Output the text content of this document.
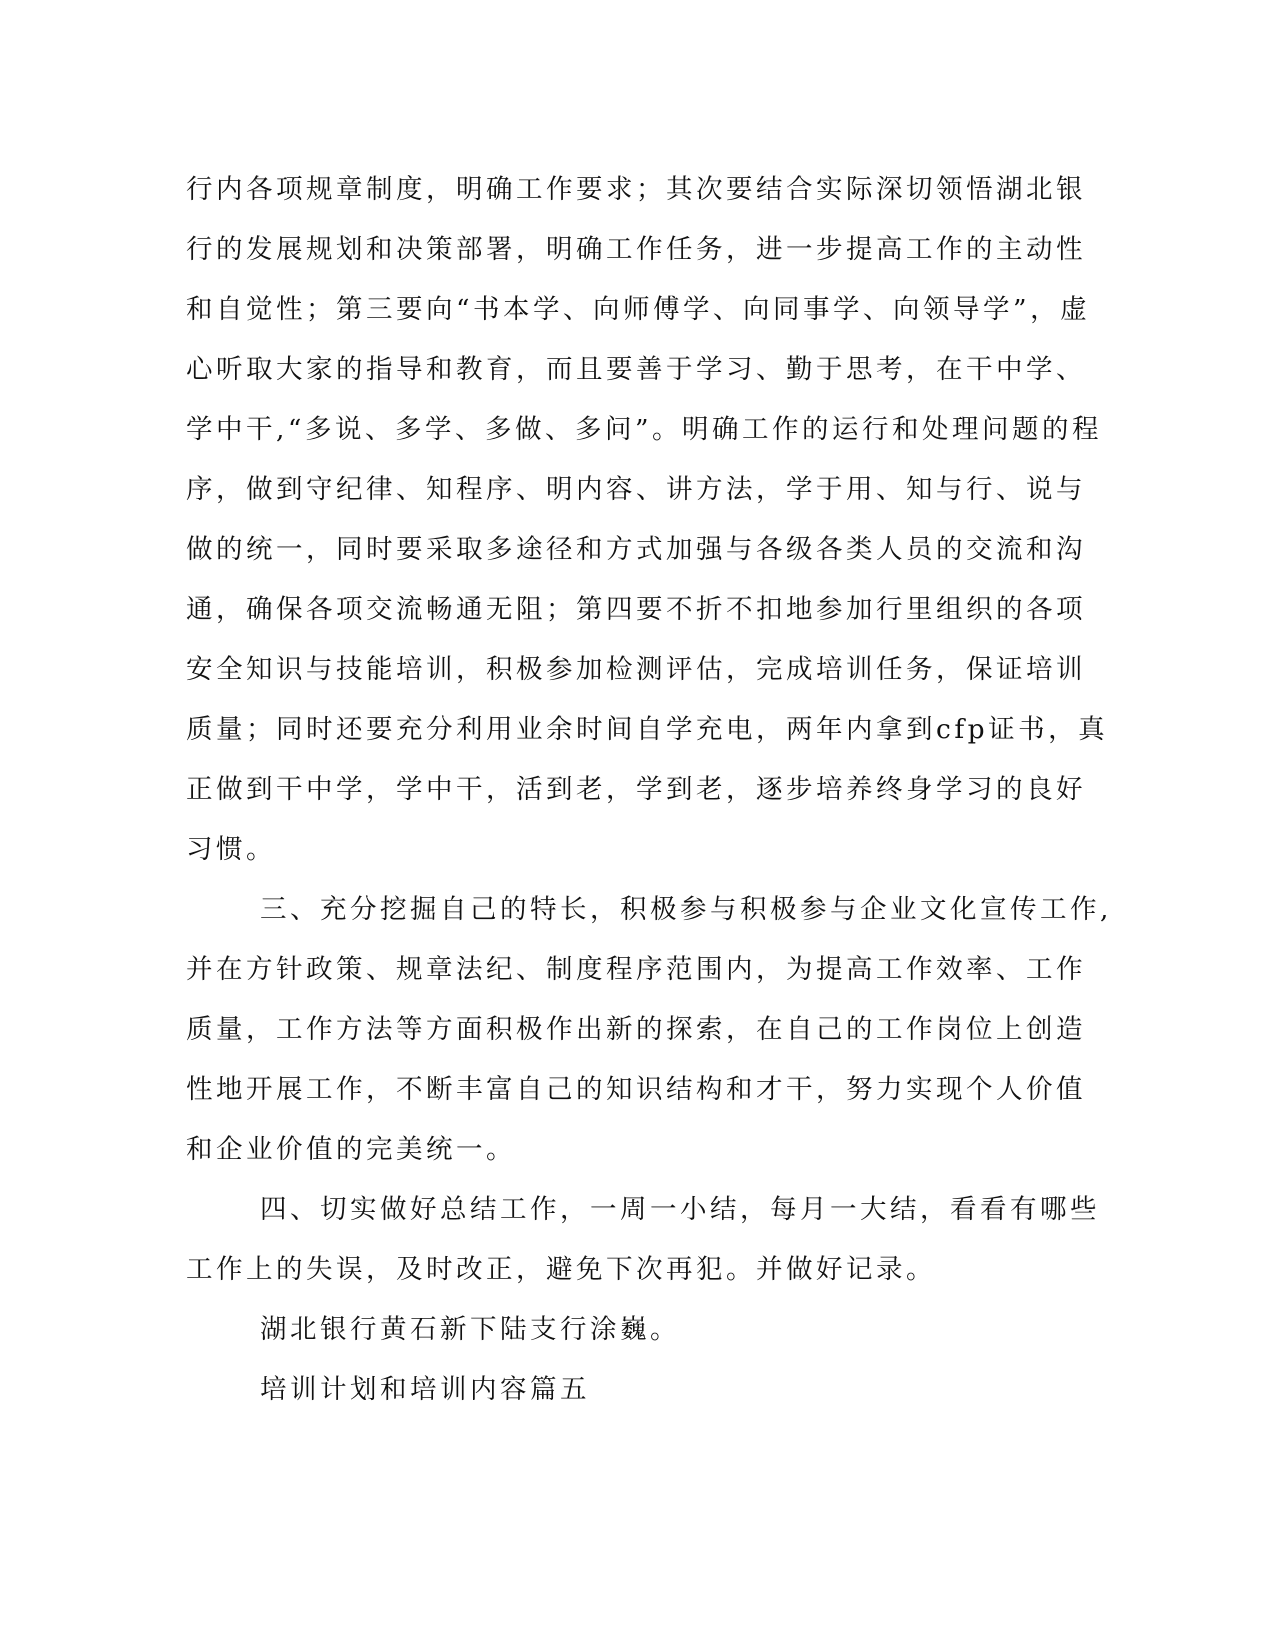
行内各项规章制度，明确工作要求；其次要结合实际深切领悟湖北银
行的发展规划和决策部署，明确工作任务，进一步提高工作的主动性
和自觉性；第三要向“书本学、向师傅学、向同事学、向领导学”，虚
心听取大家的指导和教育，而且要善于学习、勤于思考，在干中学、
学中干,“多说、多学、多做、多问”。明确工作的运行和处理问题的程
序，做到守纪律、知程序、明内容、讲方法，学于用、知与行、说与
做的统一，同时要采取多途径和方式加强与各级各类人员的交流和沟
通，确保各项交流畅通无阻；第四要不折不扣地参加行里组织的各项
安全知识与技能培训，积极参加检测评估，完成培训任务，保证培训
质量；同时还要充分利用业余时间自学充电，两年内拿到cfp证书，真
正做到干中学，学中干，活到老，学到老，逐步培养终身学习的良好
习惯。
三、充分挖掘自己的特长，积极参与积极参与企业文化宣传工作,
并在方针政策、规章法纪、制度程序范围内，为提高工作效率、工作
质量，工作方法等方面积极作出新的探索，在自己的工作岗位上创造
性地开展工作，不断丰富自己的知识结构和才干，努力实现个人价值
和企业价值的完美统一。
四、切实做好总结工作，一周一小结，每月一大结，看看有哪些
工作上的失误，及时改正，避免下次再犯。并做好记录。
湖北银行黄石新下陆支行涂巍。
培训计划和培训内容篇五
